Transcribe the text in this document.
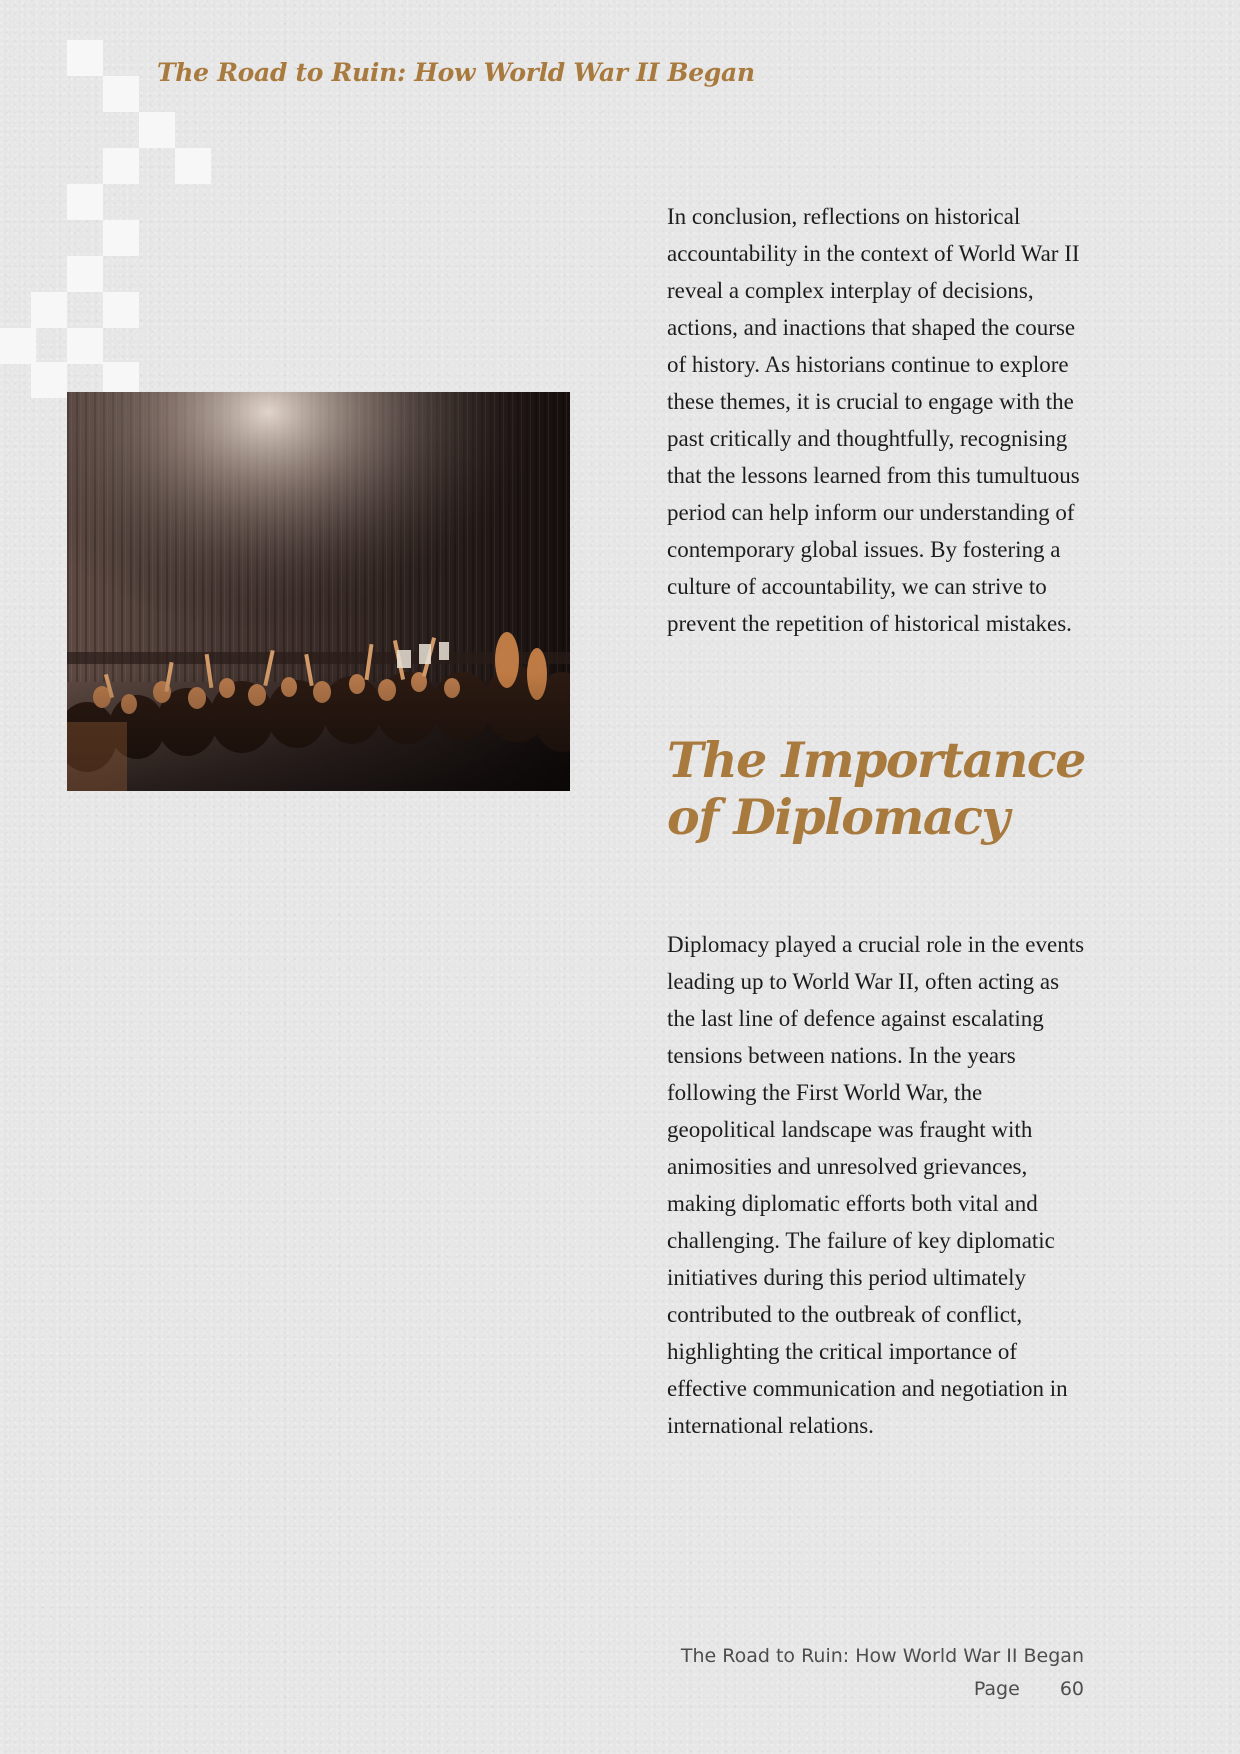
The Road to Ruin: How World War II Began
In conclusion, reflections on historical accountability in the context of World War II reveal a complex interplay of decisions, actions, and inactions that shaped the course of history. As historians continue to explore these themes, it is crucial to engage with the past critically and thoughtfully, recognising that the lessons learned from this tumultuous period can help inform our understanding of contemporary global issues. By fostering a culture of accountability, we can strive to prevent the repetition of historical mistakes.
The Importance of Diplomacy
Diplomacy played a crucial role in the events leading up to World War II, often acting as the last line of defence against escalating tensions between nations. In the years following the First World War, the geopolitical landscape was fraught with animosities and unresolved grievances, making diplomatic efforts both vital and challenging. The failure of key diplomatic initiatives during this period ultimately contributed to the outbreak of conflict, highlighting the critical importance of effective communication and negotiation in international relations.
The Road to Ruin: How World War II Began
Page 60
